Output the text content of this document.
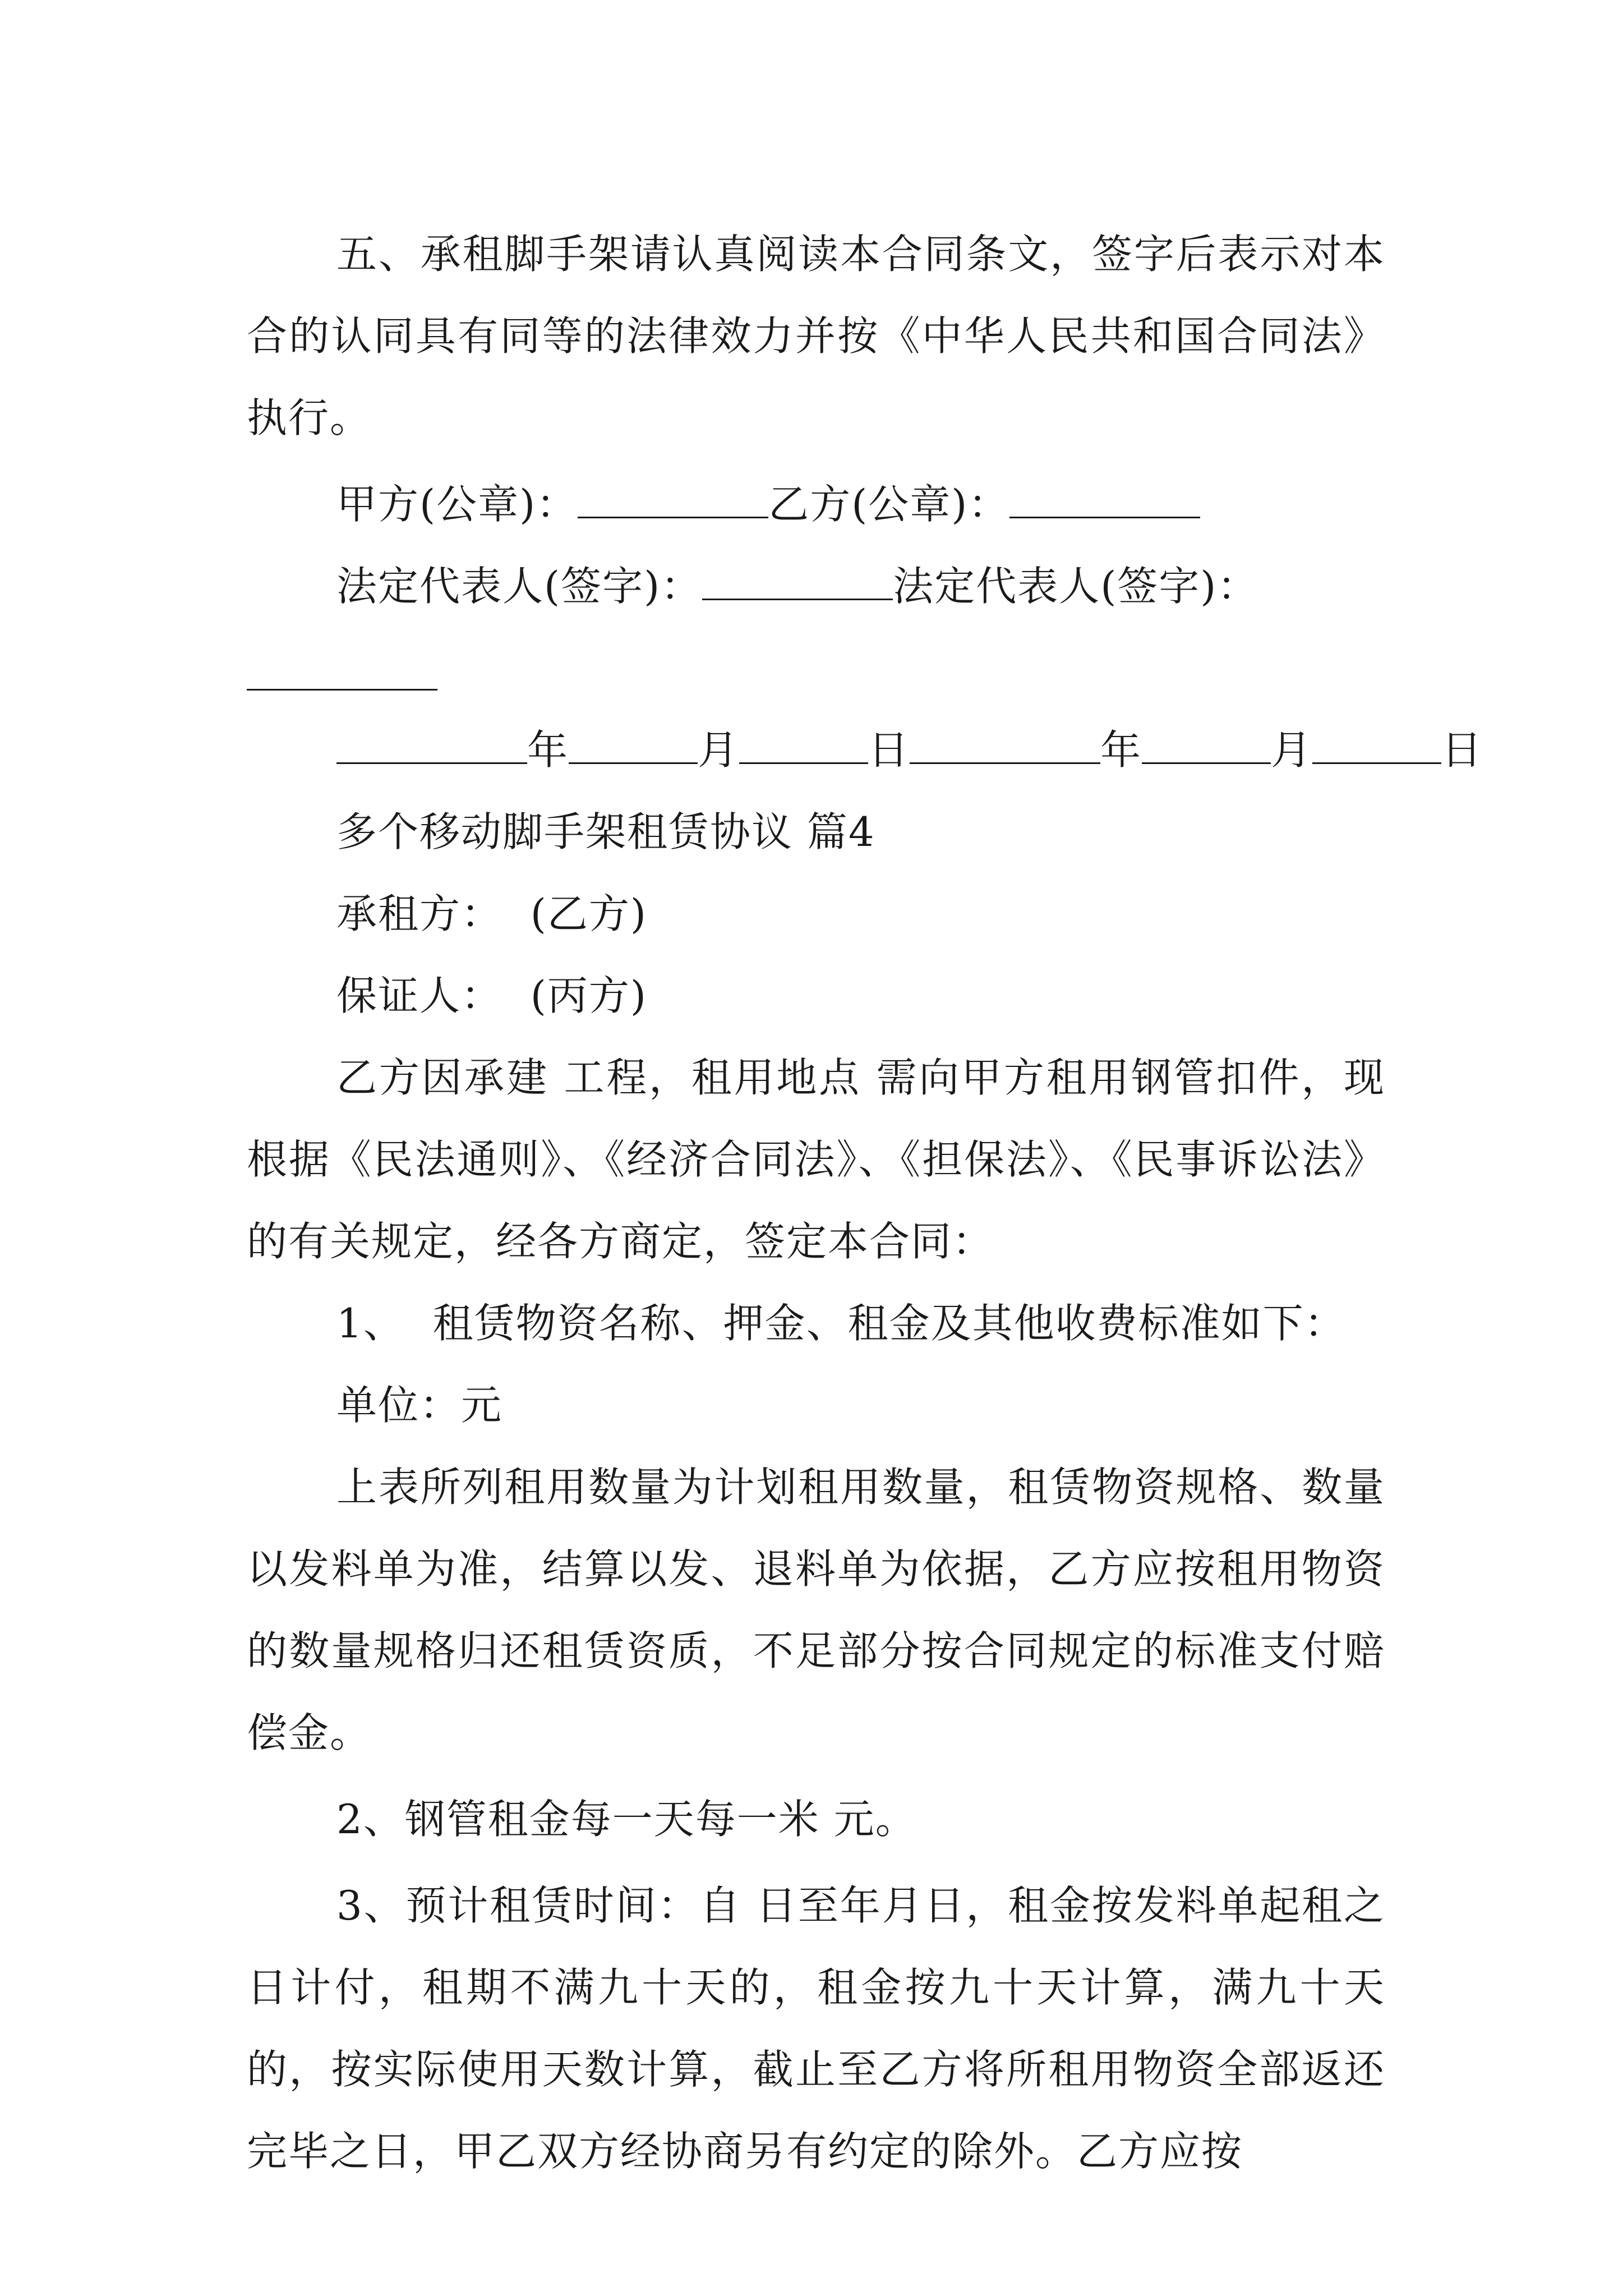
五、承租脚手架请认真阅读本合同条文，签字后表示对本合的认同具有同等的法律效力并按《中华人民共和国合同法》执行。

甲方(公章)：	乙方(公章)：

法定代表人(签字)：	法定代表人(签字)：

年	月	日	年	月	日

多个移动脚手架租赁协议 篇4

承租方：  (乙方)

保证人：  (丙方)

乙方因承建 工程，租用地点 需向甲方租用钢管扣件，现根据《民法通则》、《经济合同法》、《担保法》、《民事诉讼法》的有关规定，经各方商定，签定本合同：

1、  租赁物资名称、押金、租金及其他收费标准如下：

单位：元

上表所列租用数量为计划租用数量，租赁物资规格、数量以发料单为准，结算以发、退料单为依据，乙方应按租用物资的数量规格归还租赁资质，不足部分按合同规定的标准支付赔偿金。

2、钢管租金每一天每一米 元。

3、预计租赁时间：自 日至年月日，租金按发料单起租之日计付，租期不满九十天的，租金按九十天计算，满九十天的，按实际使用天数计算，截止至乙方将所租用物资全部返还完毕之日，甲乙双方经协商另有约定的除外。乙方应按
